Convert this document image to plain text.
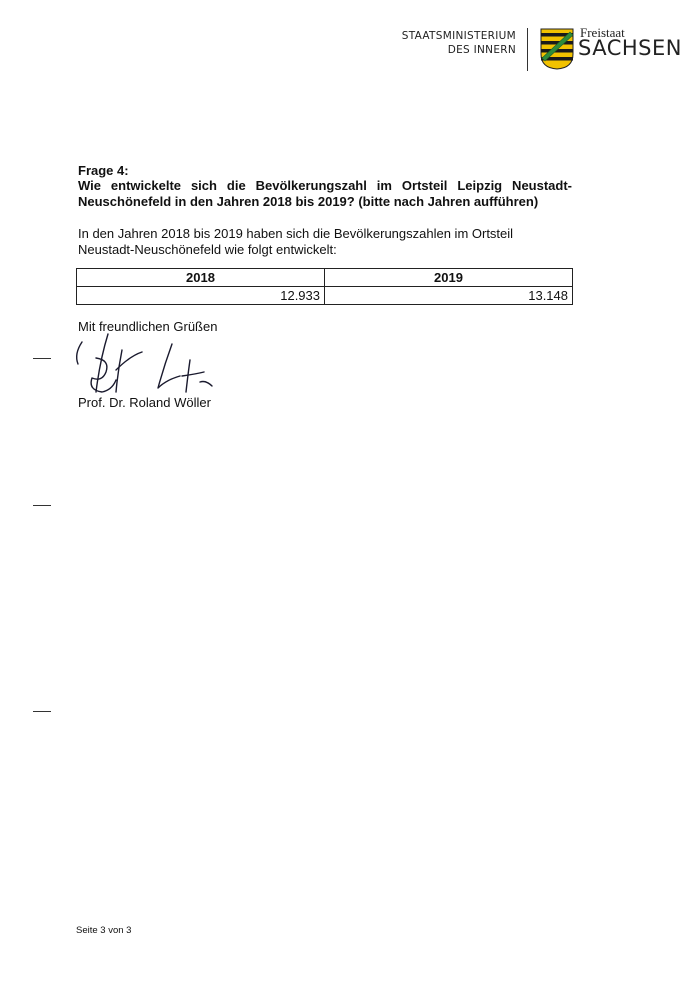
STAATSMINISTERIUM
DES INNERN
Freistaat
SACHSEN
Frage 4:
Wie entwickelte sich die Bevölkerungszahl im Ortsteil Leipzig Neustadt-Neuschönefeld in den Jahren 2018 bis 2019? (bitte nach Jahren aufführen)
In den Jahren 2018 bis 2019 haben sich die Bevölkerungszahlen im Ortsteil Neustadt-Neuschönefeld wie folgt entwickelt:
2018	2019
12.933	13.148
Mit freundlichen Grüßen
Prof. Dr. Roland Wöller
Seite 3 von 3
